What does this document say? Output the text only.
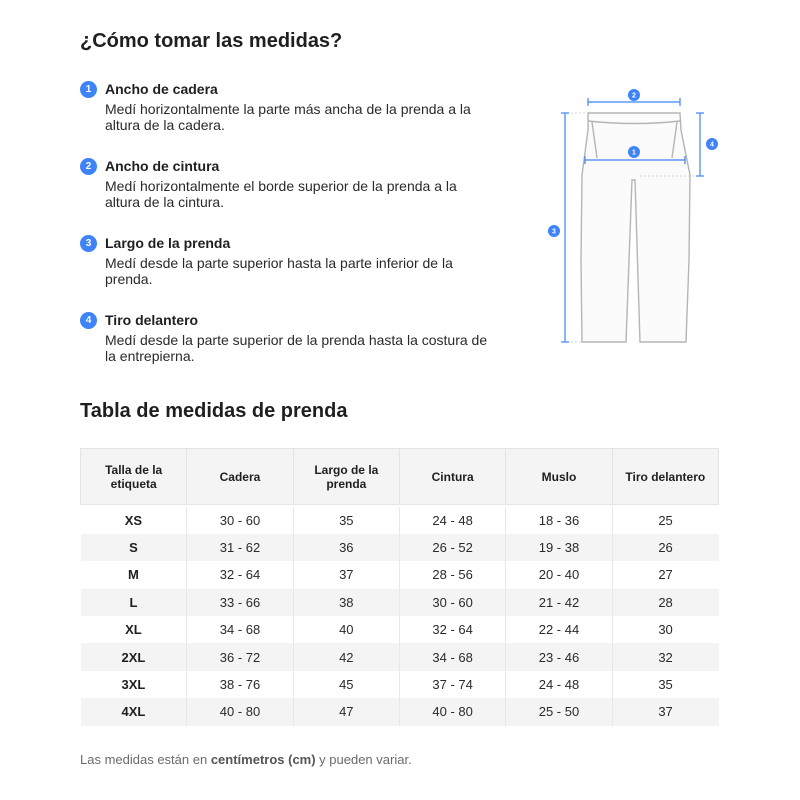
¿Cómo tomar las medidas?
1 Ancho de cadera
Medí horizontalmente la parte más ancha de la prenda a la altura de la cadera.
2 Ancho de cintura
Medí horizontalmente el borde superior de la prenda a la altura de la cintura.
3 Largo de la prenda
Medí desde la parte superior hasta la parte inferior de la prenda.
4 Tiro delantero
Medí desde la parte superior de la prenda hasta la costura de la entrepierna.
2
1
3
4
Tabla de medidas de prenda
Talla de la etiqueta	Cadera	Largo de la prenda	Cintura	Muslo	Tiro delantero

XS	30 - 60	35	24 - 48	18 - 36	25
S	31 - 62	36	26 - 52	19 - 38	26
M	32 - 64	37	28 - 56	20 - 40	27
L	33 - 66	38	30 - 60	21 - 42	28
XL	34 - 68	40	32 - 64	22 - 44	30
2XL	36 - 72	42	34 - 68	23 - 46	32
3XL	38 - 76	45	37 - 74	24 - 48	35
4XL	40 - 80	47	40 - 80	25 - 50	37

Las medidas están en centímetros (cm) y pueden variar.
